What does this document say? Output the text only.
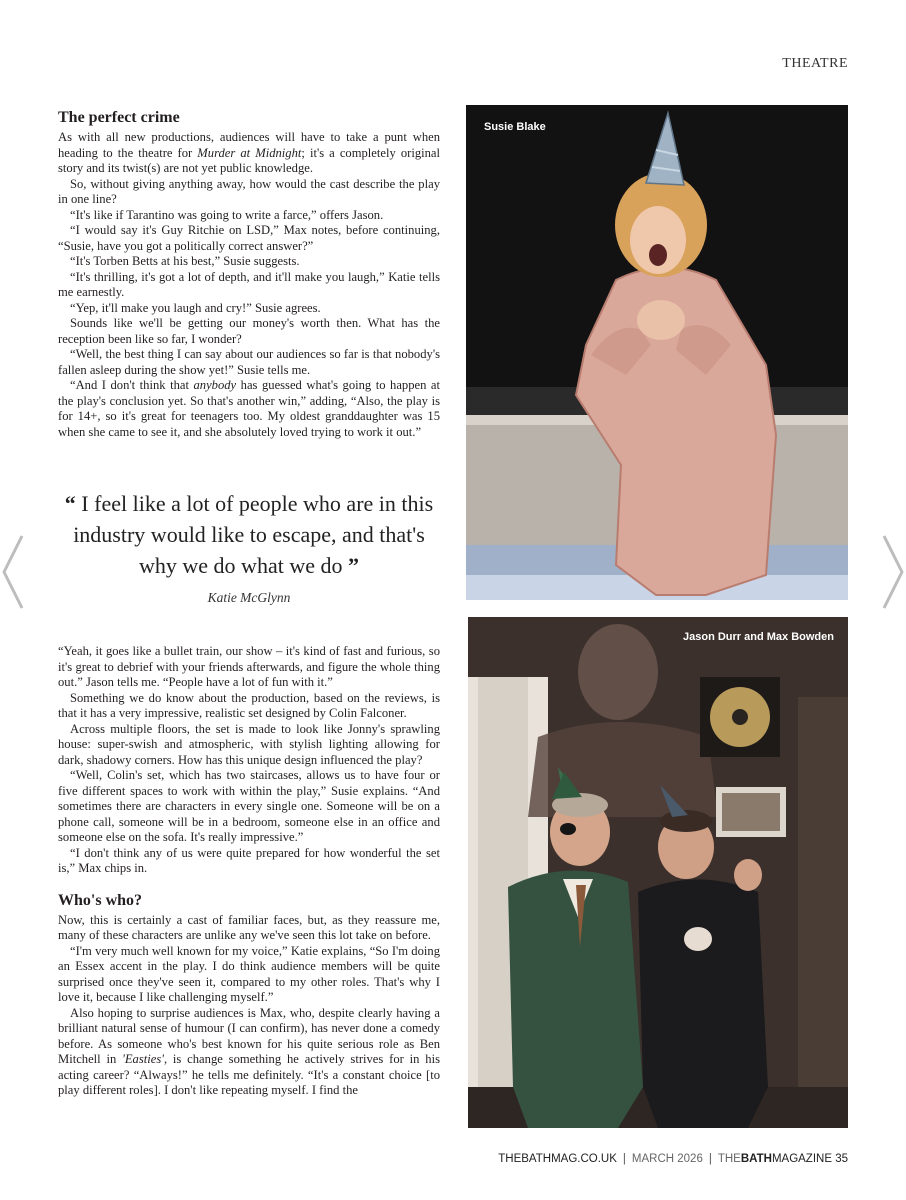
THEATRE
The perfect crime

As with all new productions, audiences will have to take a punt when heading to the theatre for Murder at Midnight; it's a completely original story and its twist(s) are not yet public knowledge.

So, without giving anything away, how would the cast describe the play in one line?

“It's like if Tarantino was going to write a farce,” offers Jason.

“I would say it's Guy Ritchie on LSD,” Max notes, before continuing, “Susie, have you got a politically correct answer?”

“It's Torben Betts at his best,” Susie suggests.

“It's thrilling, it's got a lot of depth, and it'll make you laugh,” Katie tells me earnestly.

“Yep, it'll make you laugh and cry!” Susie agrees.

Sounds like we'll be getting our money's worth then. What has the reception been like so far, I wonder?

“Well, the best thing I can say about our audiences so far is that nobody's fallen asleep during the show yet!” Susie tells me.

“And I don't think that anybody has guessed what's going to happen at the play's conclusion yet. So that's another win,” adding, “Also, the play is for 14+, so it's great for teenagers too. My oldest granddaughter was 15 when she came to see it, and she absolutely loved trying to work it out.”

“ I feel like a lot of people who are in this industry would like to escape, and that's why we do what we do ”
Katie McGlynn

“Yeah, it goes like a bullet train, our show – it's kind of fast and furious, so it's great to debrief with your friends afterwards, and figure the whole thing out.” Jason tells me. “People have a lot of fun with it.”

Something we do know about the production, based on the reviews, is that it has a very impressive, realistic set designed by Colin Falconer.

Across multiple floors, the set is made to look like Jonny's sprawling house: super-swish and atmospheric, with stylish lighting allowing for dark, shadowy corners. How has this unique design influenced the play?

“Well, Colin's set, which has two staircases, allows us to have four or five different spaces to work with within the play,” Susie explains. “And sometimes there are characters in every single one. Someone will be on a phone call, someone will be in a bedroom, someone else in an office and someone else on the sofa. It's really impressive.”

“I don't think any of us were quite prepared for how wonderful the set is,” Max chips in.

Who's who?

Now, this is certainly a cast of familiar faces, but, as they reassure me, many of these characters are unlike any we've seen this lot take on before.

“I'm very much well known for my voice,” Katie explains, “So I'm doing an Essex accent in the play. I do think audience members will be quite surprised once they've seen it, compared to my other roles. That's why I love it, because I like challenging myself.”

Also hoping to surprise audiences is Max, who, despite clearly having a brilliant natural sense of humour (I can confirm), has never done a comedy before. As someone who's best known for his quite serious role as Ben Mitchell in 'Easties', is change something he actively strives for in his acting career? “Always!” he tells me definitely. “It's a constant choice [to play different roles]. I don't like repeating myself. I find the

Susie Blake
Jason Durr and Max Bowden
THEBATHMAG.CO.UK | MARCH 2026 | THEBATHMAGAZINE 35
